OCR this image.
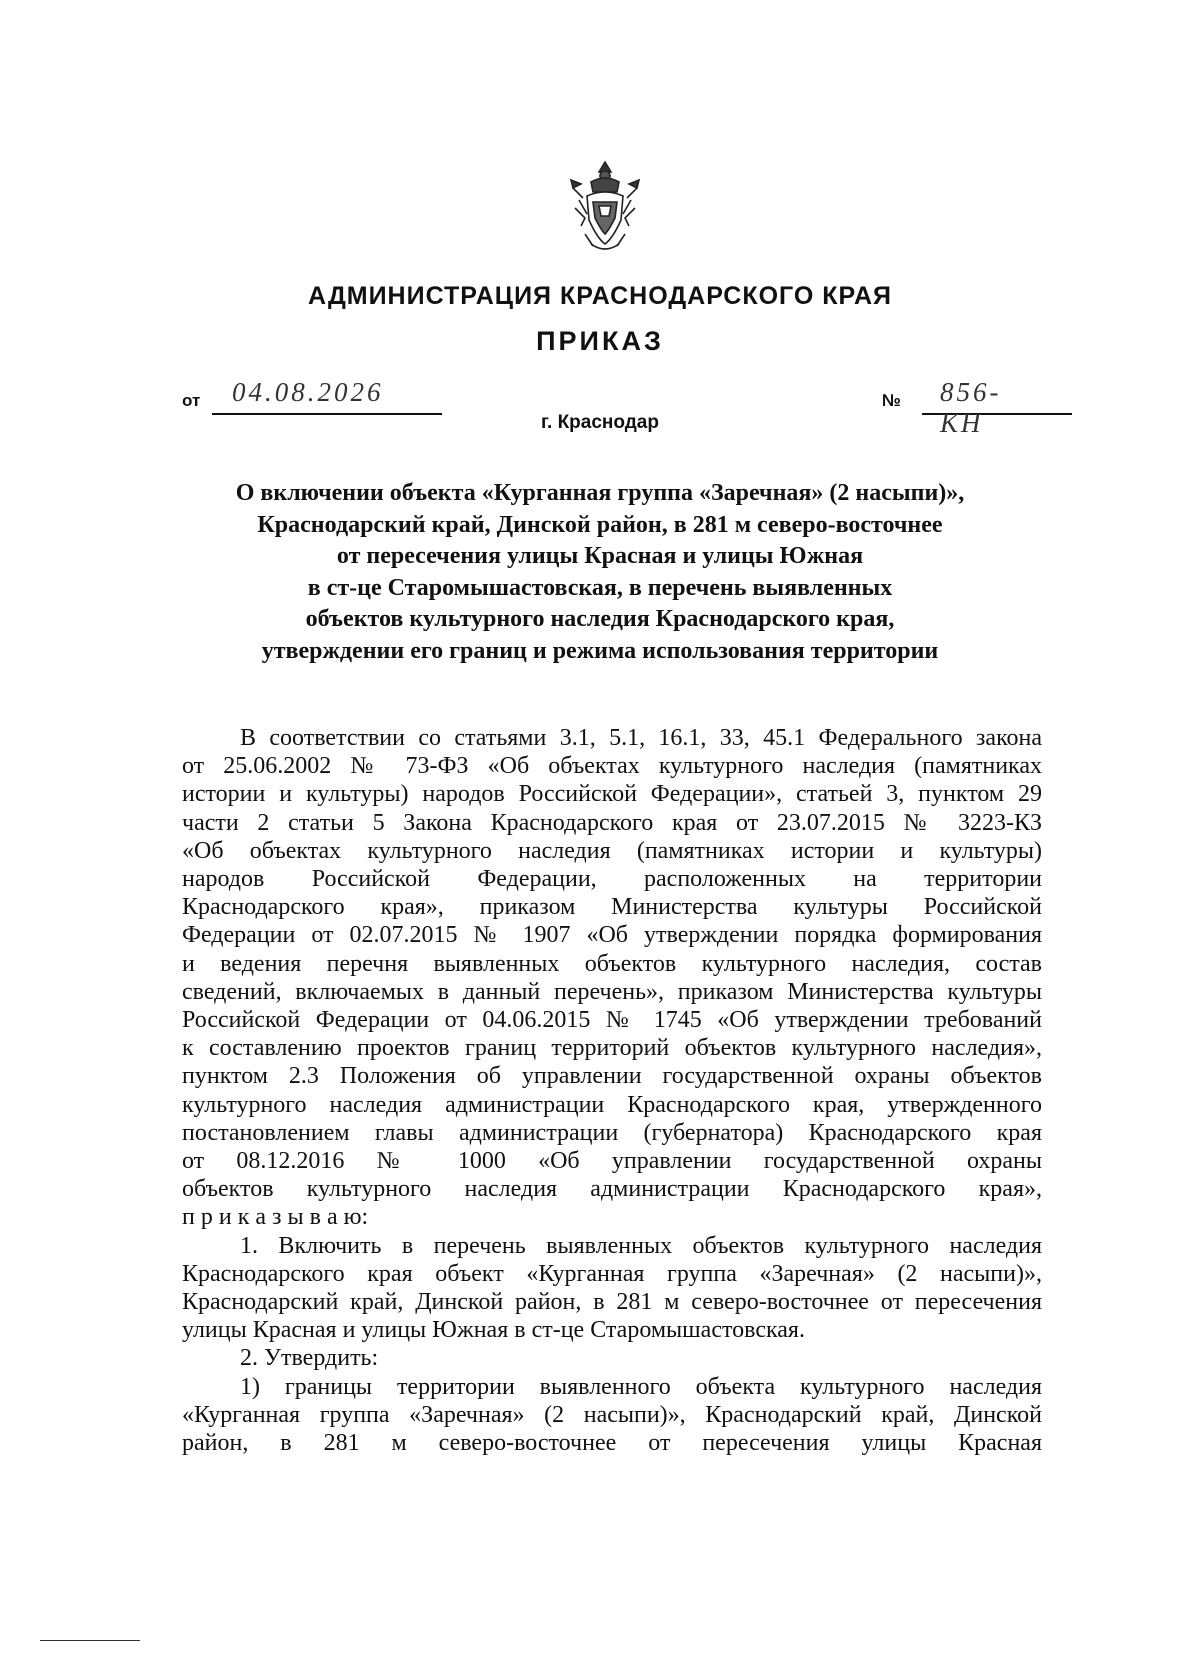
АДМИНИСТРАЦИЯ КРАСНОДАРСКОГО КРАЯ
ПРИКАЗ
от 04.08.2026	№ 856-КН
г. Краснодар
О включении объекта «Курганная группа «Заречная» (2 насыпи)»,
Краснодарский край, Динской район, в 281 м северо-восточнее
от пересечения улицы Красная и улицы Южная
в ст-це Старомышастовская, в перечень выявленных
объектов культурного наследия Краснодарского края,
утверждении его границ и режима использования территории
В соответствии со статьями 3.1, 5.1, 16.1, 33, 45.1 Федерального закона
от 25.06.2002 № 73-ФЗ «Об объектах культурного наследия (памятниках
истории и культуры) народов Российской Федерации», статьей 3, пунктом 29
части 2 статьи 5 Закона Краснодарского края от 23.07.2015 № 3223-КЗ
«Об объектах культурного наследия (памятниках истории и культуры)
народов Российской Федерации, расположенных на территории
Краснодарского края», приказом Министерства культуры Российской
Федерации от 02.07.2015 № 1907 «Об утверждении порядка формирования
и ведения перечня выявленных объектов культурного наследия, состав
сведений, включаемых в данный перечень», приказом Министерства культуры
Российской Федерации от 04.06.2015 № 1745 «Об утверждении требований
к составлению проектов границ территорий объектов культурного наследия»,
пунктом 2.3 Положения об управлении государственной охраны объектов
культурного наследия администрации Краснодарского края, утвержденного
постановлением главы администрации (губернатора) Краснодарского края
от 08.12.2016 № 1000 «Об управлении государственной охраны
объектов культурного наследия администрации Краснодарского края»,
п р и к а з ы в а ю:
1. Включить в перечень выявленных объектов культурного наследия
Краснодарского края объект «Курганная группа «Заречная» (2 насыпи)»,
Краснодарский край, Динской район, в 281 м северо-восточнее от пересечения
улицы Красная и улицы Южная в ст-це Старомышастовская.
2. Утвердить:
1) границы территории выявленного объекта культурного наследия
«Курганная группа «Заречная» (2 насыпи)», Краснодарский край, Динской
район, в 281 м северо-восточнее от пересечения улицы Красная
